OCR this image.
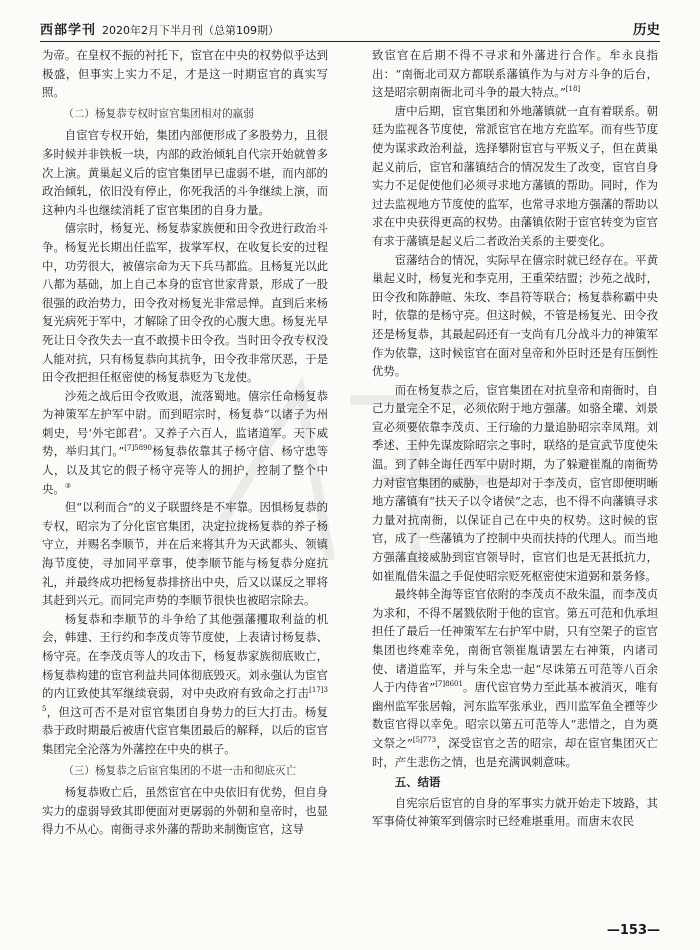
西部学刊 2020年2月下半月刊（总第109期）	历史

为帝。在皇权不振的衬托下，宦官在中央的权势似乎达到极盛，但事实上实力不足，才是这一时期宦官的真实写照。

（二）杨复恭专权时宦官集团相对的羸弱

自宦官专权开始，集团内部便形成了多股势力，且很多时候并非铁板一块，内部的政治倾轧自代宗开始就曾多次上演。黄巢起义后的宦官集团早已虚弱不堪，而内部的政治倾轧，依旧没有停止，你死我活的斗争继续上演，而这种内斗也继续消耗了宦官集团的自身力量。

僖宗时，杨复光、杨复恭家族便和田令孜进行政治斗争。杨复光长期出任监军，拔掌军权，在收复长安的过程中，功劳很大，被僖宗命为天下兵马都监。且杨复光以此八都为基础，加上自己本身的宦官世家背景，形成了一股很强的政治势力，田令孜对杨复光非常忌惮。直到后来杨复光病死于军中，才解除了田令孜的心腹大患。杨复光早死让日令孜失去一直不敢摸卡田令孜。当时田令孜专权没人能对抗，只有杨复恭向其抗争，田令孜非常厌恶，于是田令孜把担任枢密使的杨复恭贬为飞龙使。

沙苑之战后田令孜败退，流落蜀地。僖宗任命杨复恭为神策军左护军中尉。而到昭宗时，杨复恭“以诸子为州刺史，号‘外宅郎君’。又养子六百人，监诸道军。天下威势，举归其门。”$^{[7]5890}$杨复恭依靠其子杨守信、杨守忠等人，以及其它的假子杨守亮等人的拥护，控制了整个中央。③

但“以利而合”的义子联盟终是不牢靠。因惧杨复恭的专权，昭宗为了分化宦官集团，决定拉拢杨复恭的养子杨守立，并赐名李顺节，并在后来将其升为天武都头、领镇海节度使，寻加同平章事，使李顺节能与杨复恭分庭抗礼，并最终成功把杨复恭排挤出中央，后又以谋反之罪将其赶到兴元。而同完声势的李顺节很快也被昭宗除去。

杨复恭和李顺节的斗争给了其他强藩攫取利益的机会，韩建、王行约和李茂贞等节度使，上表请讨杨复恭、杨守亮。在李茂贞等人的攻击下，杨复恭家族彻底败亡，杨复恭构建的宦官利益共同体彻底毁灭。刘永强认为宦官的内讧致使其军继续衰弱，对中央政府有致命之打击$^{[17]35}$，但这可否不是对宦官集团自身势力的巨大打击。杨复恭于政时期最后被唐代宦官集团最后的解释，以后的宦官集团完全沦落为外藩控在中央的棋子。

（三）杨复恭之后宦官集团的不堪一击和彻底灭亡

杨复恭败亡后，虽然宦官在中央依旧有优势，但自身实力的虚弱导致其即便面对更孱弱的外朝和皇帝时，也显得力不从心。南衙寻求外藩的帮助来制衡宦官，这导

致宦官在后期不得不寻求和外藩进行合作。牟永良指出：“南衙北司双方都联系藩镇作为与对方斗争的后台，这是昭宗朝南衙北司斗争的最大特点。”[18]

唐中后期，宦官集团和外地藩镇就一直有着联系。朝廷为监视各节度使，常派宦官在地方充监军。而有些节度使为谋求政治利益，选择攀附宦官与平叛义子，但在黄巢起义前后，宦官和藩镇结合的情况发生了改变，宦官自身实力不足促使他们必须寻求地方藩镇的帮助。同时，作为过去监视地方节度使的监军，也常寻求地方强藩的帮助以求在中央获得更高的权势。由藩镇依附于宦官转变为宦官有求于藩镇是起义后二者政治关系的主要变化。

宦藩结合的情况，实际早在僖宗时就已经存在。平黄巢起义时，杨复光和李克用，王重荣结盟；沙苑之战时，田令孜和陈静暄、朱玫、李昌符等联合；杨复恭称霸中央时，依靠的是杨守亮。但这时候，不管是杨复光、田令孜还是杨复恭，其最起码还有一支尚有几分战斗力的神策军作为依靠，这时候宦官在面对皇帝和外臣时还是有压倒性优势。

而在杨复恭之后，宦官集团在对抗皇帝和南衙时，自己力量完全不足，必须依附于地方强藩。如骆全瓘、刘景宣必须要依靠李茂贞、王行瑜的力量追胁昭宗幸凤翔。刘季述、王仲先谋废除昭宗之事时，联络的是宣武节度使朱温。到了韩全诲任西军中尉时期，为了躲避崔胤的南衙势力对宦官集团的威胁，也是却对于李茂贞，宦官即便明晰地方藩镇有“扶天子以令诸侯”之志，也不得不向藩镇寻求力量对抗南衙，以保证自己在中央的权势。这时候的宦官，成了一些藩镇为了控制中央而扶持的代理人。而当地方强藩直接威胁到宦官领导时，宦官们也是无甚抵抗力，如崔胤借朱温之手促使昭宗贬死枢密使宋道弼和景务修。

最终韩全海等宦官依附的李茂贞不敌朱温，而李茂贞为求和，不得不屠戮依附于他的宦官。第五可范和仇承坦担任了最后一任神策军左右护军中尉，只有空架子的宦官集团也终难幸免，南衙官领崔胤请罢左右神策，内诸司使、诸道监军，并与朱全忠一起“尽诛第五可范等八百余人于内侍省”$^{[7]8601}$。唐代宦官势力至此基本被消灭，唯有幽州监军张居翰，河东监军张承业，西川监军鱼全禋等少数宦官得以幸免。昭宗以第五可范等人“悲惜之，自为奠文祭之”$^{[5]773}$，深受宦官之苦的昭宗，却在宦官集团灭亡时，产生悲伤之情，也是充满讽刺意味。

五、结语

自宪宗后宦官的自身的军事实力就开始走下坡路，其军事倚仗神策军到僖宗时已经难堪重用。而唐末农民

—153—
